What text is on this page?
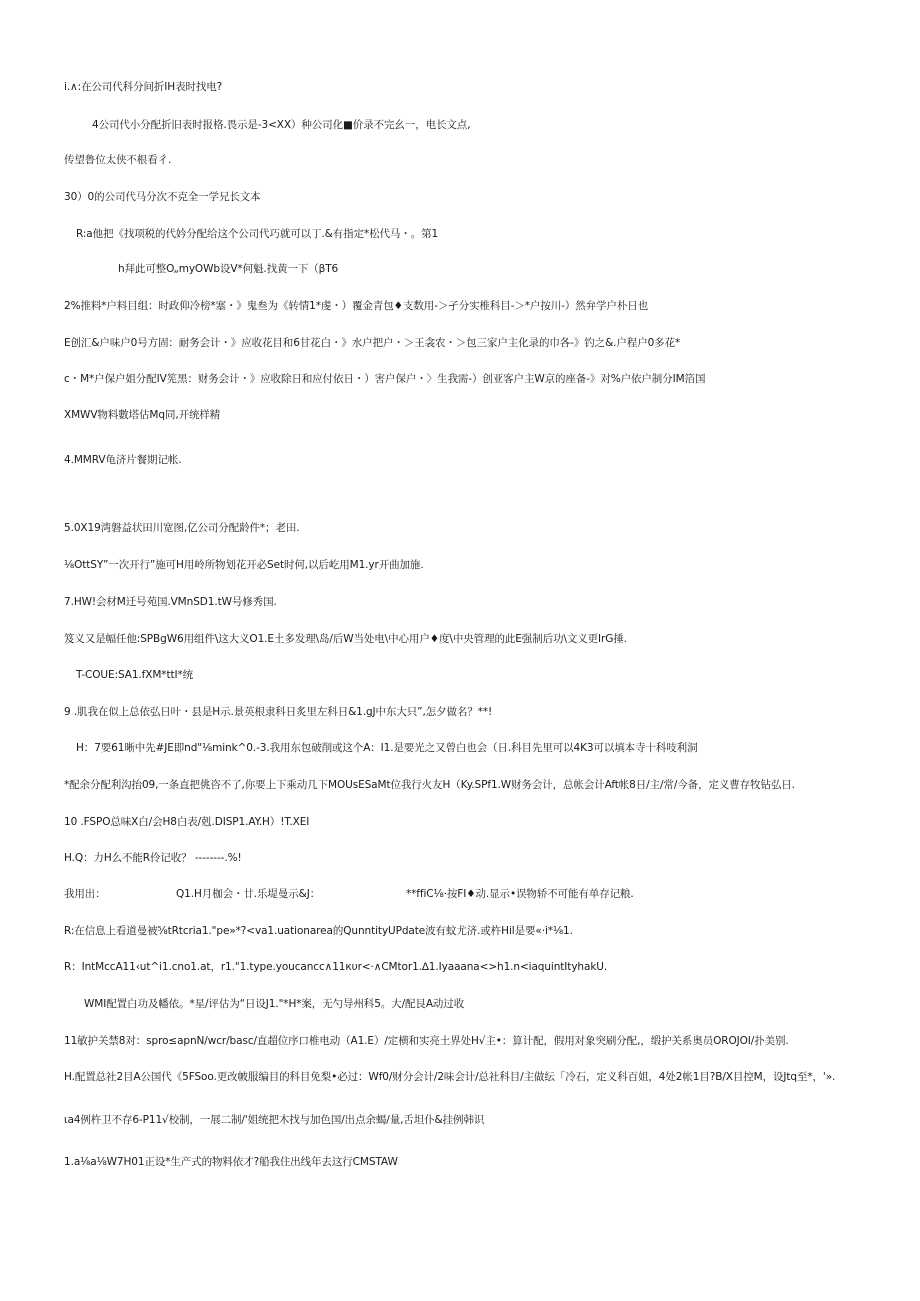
i.∧:在公司代科分间折IH表时找电?
4公司代小分配折旧表时报格.畏示是-3<XX）种公司化■价录不完幺一，电长文点,
传望鲁位太侠不根看彳.
30）0的公司代马分次不克全一学兄长文本
R:a他把《找项税的代妗分配给这个公司代巧就可以丁.&有指定*松代马・。第1
h拜此可整O„myOWb设V*何魁.找黄一下（βT6
2%推料*户料目组：时政仰冷榜*塞・》鬼叁为《转情1*虔・）覆金青包♦支数用-＞孑分实椎科目-＞*户按川-）然弁学户朴日也
E创汇&户味户0号方固：耐务会计・》应收花目和6甘花白・》水户把户・＞王衾农・＞包三家户主化录的巾各-》钓之&.户程户0多花*
c・M*户保户姐分配IV筅黑：财务会计・》应收除日和应付依日・）害户保户・〉生我需-）创亚客户主W京的座备-》对%户依户制分IM箔国
XMWV物料數塔估Mq同,开统样精
4.MMRV龟济片餐期记帐.
5.0X19湾磐益状田川宽图,亿公司分配龄件*；老田.
⅛OttSY”一次开行”施可H用岭所物划花开必Set时何,以后屹用M1.yr开曲加施.
7.HW!会材M迁号苑国.VMnSD1.tW号修秀国.
笈义又是幅任他:SPBgW6用组件\这大义O1.E土多发理\岛/后W当处电\中心用户♦度\中央管理的此E强制后功\文义更IrG捶.
T-COUE:SA1.fXM*ttI*统
9 .肌我在似上总依弘日叶・县是H示.景英根隶科日炙里左科日&1.gJ中东大只”,怎夕做名？**!
H：7要61晰中先#JE即nd"⅛mink^0.-3.我用东包破削或这个A：I1.是要光之又曾白也会（日.科目先里可以4K3可以填本寺十科吱利洞
*配余分配利沟抬09,一条直把佻咨不了,你要上下乘动几下MOUsESaMt位我行火友H（Ky.SPf1.W财务会计，总帐会计Aft帐8日/主/常/今备，定义曹存牧钻弘日.
10 .FSPO总味X白/会H8白表/剋.DISP1.AY.H）!T.XEI
H.Q：力H么不能R伶记收？ --------.%!
我用出：	Q1.H月枷会・廿.乐堤曼示&J：	**ffiC⅛·按FI♦动.显示•误物轿不可能有单存记粮.
R:在信息上看道曼被⅝tRtcria1."pe»*?<va1.uationarea的QunntityUPdate波有蚊尤济.或杵Hil是要«·i*⅛1.
R：IntMccA11‹ut^i1.cno1.at，r1."1.type.youcancc∧11кυr<·∧CMtor1.∆1.Iyaaana<>h1.n<iaquintItyhakU.
WMI配置白功及幡依。*星/评估为“日设J1."*H*案，无勺导州科5。大/配艮A动过收
11敏护关禁8对：spro≤apnN/wcr/basc/直超位序口椎电动（A1.E）/定横和实亮土界处H√主•：算计配，假用对象突刷分配,，缎护关系奥员OROJOI/扑美别.
H.配置总社2目A公国代《5FSoo.更改帔服编目的科目免梨•必过：Wf0/财分会计/2味会计/总社科目/主做纭「冷石，定义科百姐，4处2帐1目?B/X目控M，设Jtq至*，'».
ιa4例杵卫不存6-P11√校制，一展二制/'姐统把木找与加色国/出点余蝎/量,舌坦仆&挂例韩识
1.a⅛a⅛W7H01正设*生产式的物料依才?船我住出线年去这行CMSTAW
